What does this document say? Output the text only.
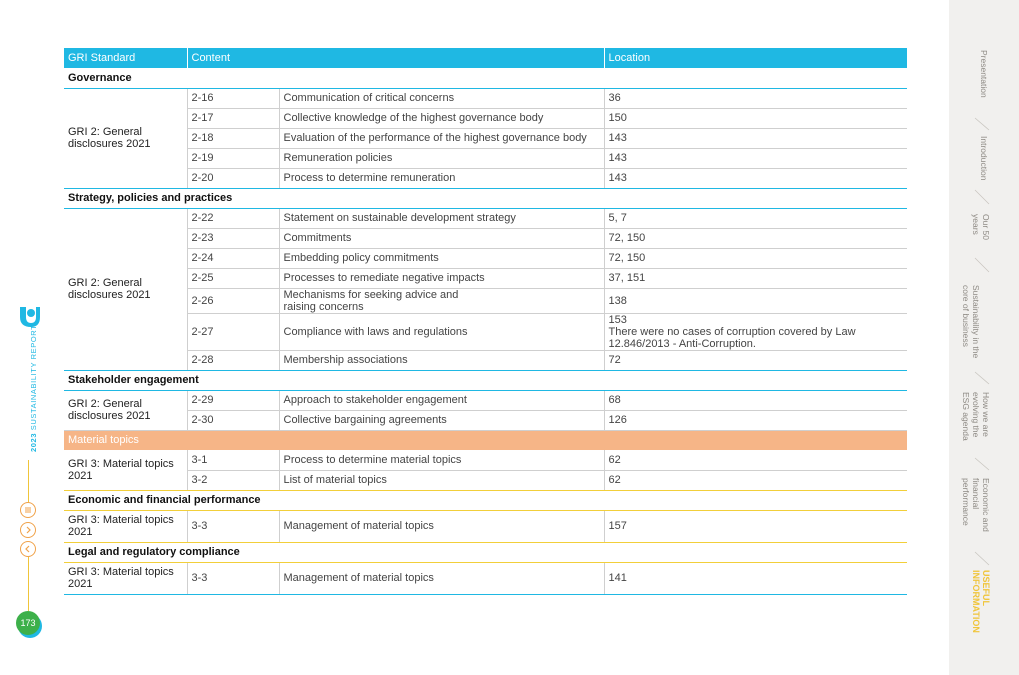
GRI Standard	Content		Location
Governance			
GRI 2: General disclosures 2021	2-16	Communication of critical concerns	36
	2-17	Collective knowledge of the highest governance body	150
	2-18	Evaluation of the performance of the highest governance body	143
	2-19	Remuneration policies	143
	2-20	Process to determine remuneration	143
Strategy, policies and practices			
GRI 2: General disclosures 2021	2-22	Statement on sustainable development strategy	5, 7
	2-23	Commitments	72, 150
	2-24	Embedding policy commitments	72, 150
	2-25	Processes to remediate negative impacts	37, 151
	2-26	Mechanisms for seeking advice and raising concerns	138
	2-27	Compliance with laws and regulations	153
There were no cases of corruption covered by Law 12.846/2013 - Anti-Corruption.

	2-28	Membership associations	72
Stakeholder engagement			
GRI 2: General disclosures 2021	2-29	Approach to stakeholder engagement	68
	2-30	Collective bargaining agreements	126
Material topics			
GRI 3: Material topics 2021	3-1	Process to determine material topics	62
	3-2	List of material topics	62
Economic and financial performance			
GRI 3: Material topics 2021	3-3	Management of material topics	157
Legal and regulatory compliance			
GRI 3: Material topics 2021	3-3	Management of material topics	141
2023 SUSTAINABILITY REPORT
173
Presentation
Introduction
Our 50 years
Sustainability in the core of business
How we are evolving the ESG agenda
Economic and financial performance
USEFUL INFORMATION
